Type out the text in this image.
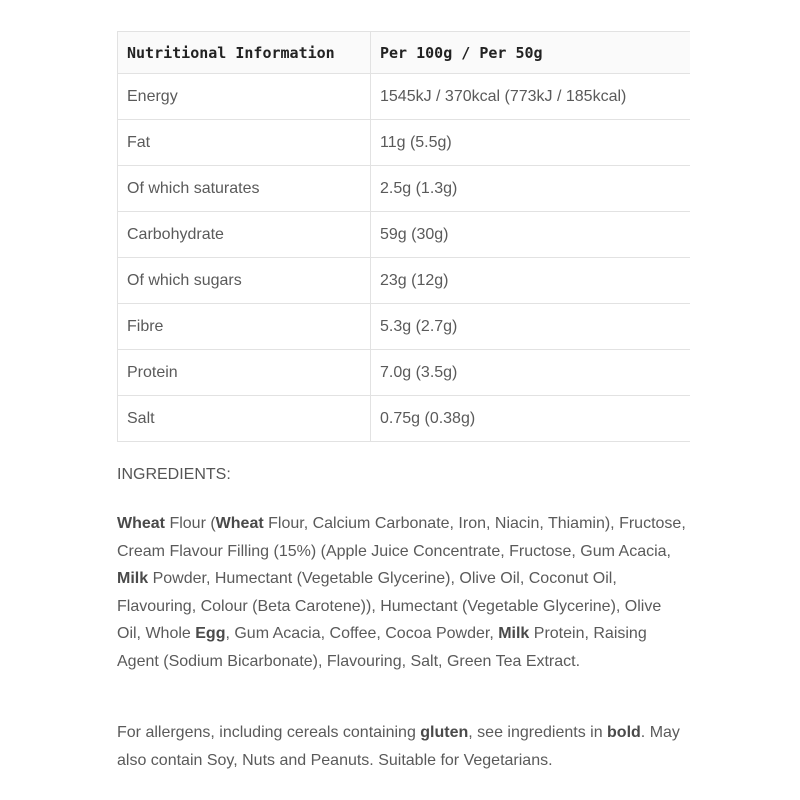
Nutritional Information	Per 100g / Per 50g
Energy	1545kJ / 370kcal (773kJ / 185kcal)
Fat	11g (5.5g)
Of which saturates	2.5g (1.3g)
Carbohydrate	59g (30g)
Of which sugars	23g (12g)
Fibre	5.3g (2.7g)
Protein	7.0g (3.5g)
Salt	0.75g (0.38g)
INGREDIENTS:

Wheat Flour (Wheat Flour, Calcium Carbonate, Iron, Niacin, Thiamin), Fructose, Cream Flavour Filling (15%) (Apple Juice Concentrate, Fructose, Gum Acacia, Milk Powder, Humectant (Vegetable Glycerine), Olive Oil, Coconut Oil, Flavouring, Colour (Beta Carotene)), Humectant (Vegetable Glycerine), Olive Oil, Whole Egg, Gum Acacia, Coffee, Cocoa Powder, Milk Protein, Raising Agent (Sodium Bicarbonate), Flavouring, Salt, Green Tea Extract.

For allergens, including cereals containing gluten, see ingredients in bold. May also contain Soy, Nuts and Peanuts. Suitable for Vegetarians.
